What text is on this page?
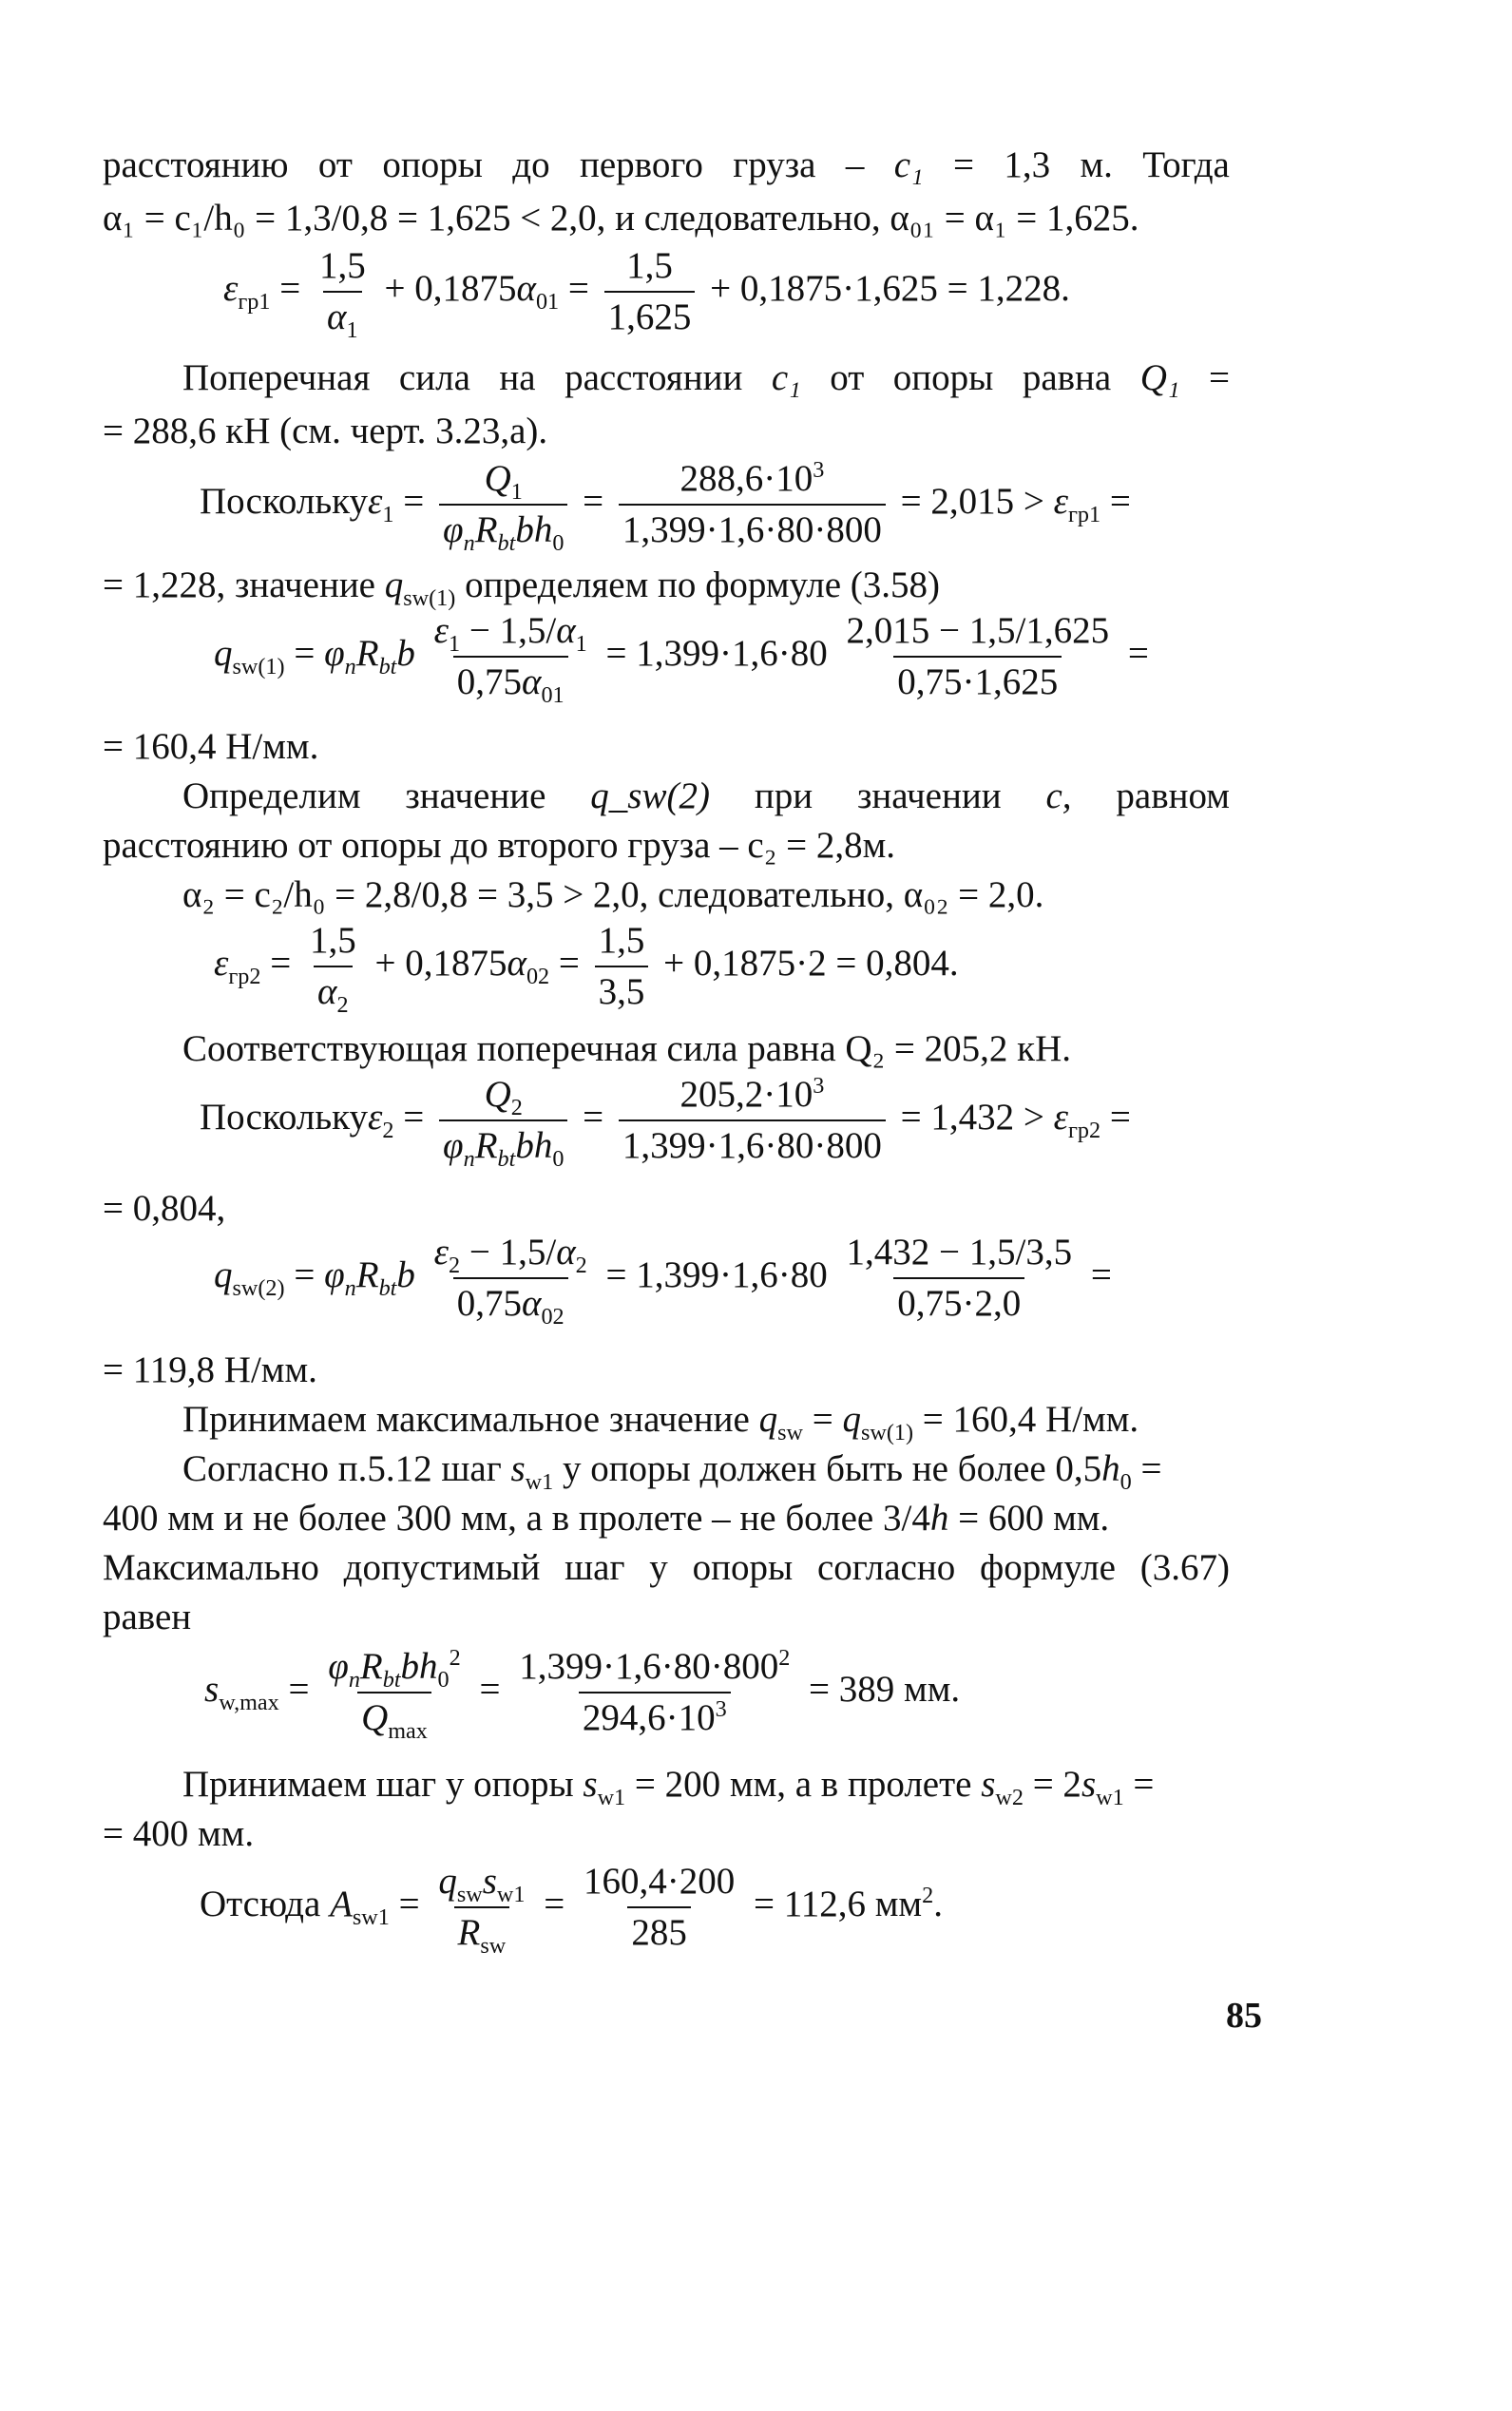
расстоянию от опоры до первого груза – c₁ = 1,3 м. Тогда
α₁ = c₁/h₀ = 1,3/0,8 = 1,625 < 2,0, и следовательно, α₀₁ = α₁ = 1,625.
$\varepsilon_{гр1} = \frac{1,5}{\alpha_1} + 0,1875\alpha_{01} = \frac{1,5}{1,625} + 0,1875\cdot 1,625 = 1,228$.
Поперечная сила на расстоянии c₁ от опоры равна Q₁ =
= 288,6 кН (см. черт. 3.23,а).
Посколькуε$_1$ = $\frac{Q_1}{\varphi_nR_{bt}bh_0} = \frac{288,6\cdot 10^3}{1,399\cdot 1,6\cdot 80\cdot 800} = 2,015 > \varepsilon_{гр1}$ =
= 1,228, значение $q_{sw(1)}$ определяем по формуле (3.58)
$q_{sw(1)} = \varphi_nR_{bt}b \frac{\varepsilon_1 - 1,5/\alpha_1}{0,75\alpha_{01}} = 1,399\cdot 1,6\cdot 80 \frac{2,015 - 1,5/1,625}{0,75\cdot 1,625}$ =
= 160,4 Н/мм.
Определим значение q_sw(2) при значении c, равном
расстоянию от опоры до второго груза – c₂ = 2,8м.
α₂ = c₂/h₀ = 2,8/0,8 = 3,5 > 2,0, следовательно, α₀₂ = 2,0.
$\varepsilon_{гр2} = \frac{1,5}{\alpha_2} + 0,1875\alpha_{02} = \frac{1,5}{3,5} + 0,1875\cdot 2 = 0,804$.
Соответствующая поперечная сила равна Q₂ = 205,2 кН.
Посколькуε$_2$ = $\frac{Q_2}{\varphi_nR_{bt}bh_0} = \frac{205,2\cdot 10^3}{1,399\cdot 1,6\cdot 80\cdot 800} = 1,432 > \varepsilon_{гр2}$ =
= 0,804,
$q_{sw(2)} = \varphi_nR_{bt}b \frac{\varepsilon_2 - 1,5/\alpha_2}{0,75\alpha_{02}} = 1,399\cdot 1,6\cdot 80 \frac{1,432 - 1,5/3,5}{0,75\cdot 2,0}$ =
= 119,8 Н/мм.
Принимаем максимальное значение $q_{sw} = q_{sw(1)} = 160,4$ Н/мм.
Согласно п.5.12 шаг $s_{w1}$ у опоры должен быть не более $0,5h_0$ =
400 мм и не более 300 мм, а в пролете – не более 3/4h = 600 мм.
Максимально допустимый шаг у опоры согласно формуле (3.67)
равен
$s_{w,max} = \frac{\varphi_nR_{bt}bh_0^2}{Q_{max}} = \frac{1,399\cdot 1,6\cdot 80\cdot 800^2}{294,6\cdot 10^3} = 389$ мм.
Принимаем шаг у опоры $s_{w1} = 200$ мм, а в пролете $s_{w2} = 2s_{w1}$ =
= 400 мм.
Отсюда $A_{sw1} = \frac{q_{sw}s_{w1}}{R_{sw}} = \frac{160,4\cdot 200}{285} = 112,6$ $мм^2$.
85
